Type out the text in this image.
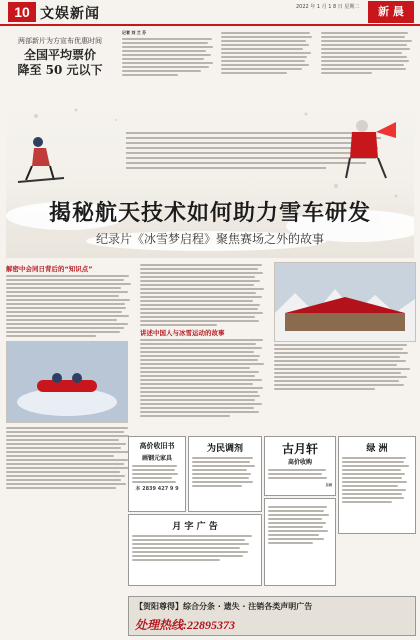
10 文娱新闻	2022 年 1 月 1 8 日 星期二	新 晨
两部新片为方宣布优惠时间
全国平均票价
降至 50 元以下
记者 刘 兰 芬
揭秘航天技术如何助力雪车研发
纪录片《冰雪梦启程》聚焦赛场之外的故事
解密中会同日背后的“知识点”
讲述中国人与冰雪运动的故事
高价收旧书
画钢元家具
本 2839 427 9 9
为民调剂	古月轩
高价收购
东城
绿 洲
月 字 广 告
【贺阳尊得】综合分条 · 遗失 · 注销各类声明广告
处理热线:22895373
